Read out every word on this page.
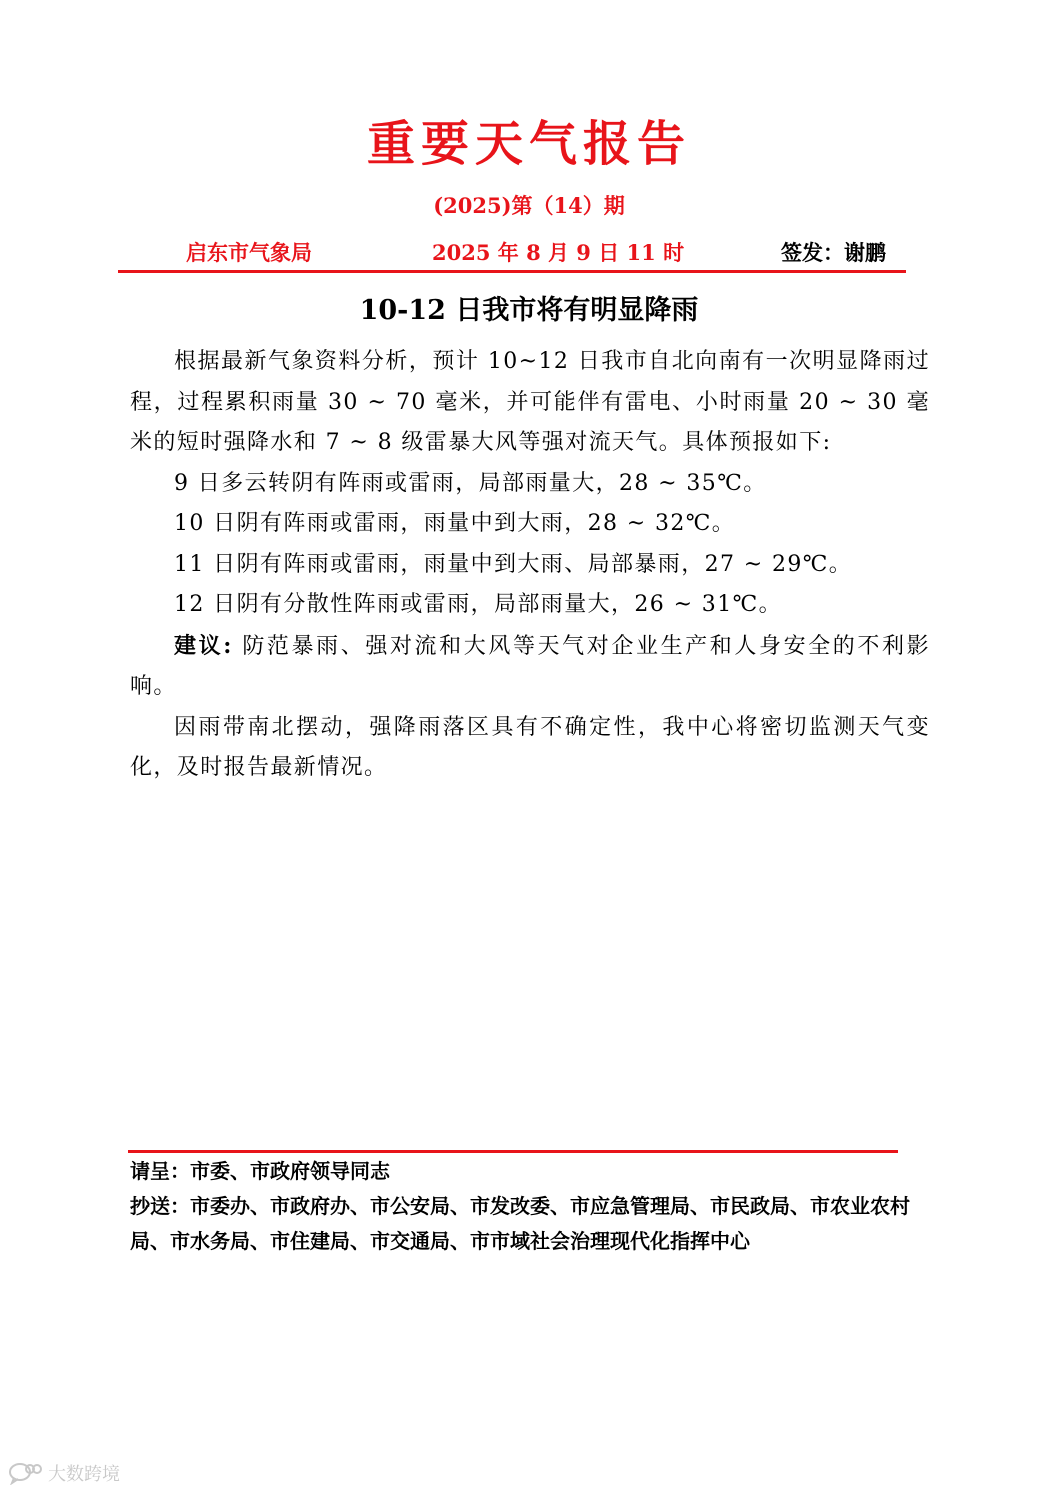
重要天气报告
(2025)第（14）期
启东市气象局	2025 年 8 月 9 日 11 时	签发：谢鹏
10-12 日我市将有明显降雨

根据最新气象资料分析，预计 10~12 日我市自北向南有一次明显降雨过程，过程累积雨量 30 ~ 70 毫米，并可能伴有雷电、小时雨量 20 ~ 30 毫米的短时强降水和 7 ~ 8 级雷暴大风等强对流天气。具体预报如下:

9 日多云转阴有阵雨或雷雨，局部雨量大，28 ~ 35℃。

10 日阴有阵雨或雷雨，雨量中到大雨，28 ~ 32℃。

11 日阴有阵雨或雷雨，雨量中到大雨、局部暴雨，27 ~ 29℃。

12 日阴有分散性阵雨或雷雨，局部雨量大，26 ~ 31℃。

建议: 防范暴雨、强对流和大风等天气对企业生产和人身安全的不利影响。

因雨带南北摆动，强降雨落区具有不确定性，我中心将密切监测天气变化，及时报告最新情况。

请呈：市委、市政府领导同志

抄送：市委办、市政府办、市公安局、市发改委、市应急管理局、市民政局、市农业农村局、市水务局、市住建局、市交通局、市市域社会治理现代化指挥中心

大数跨境
